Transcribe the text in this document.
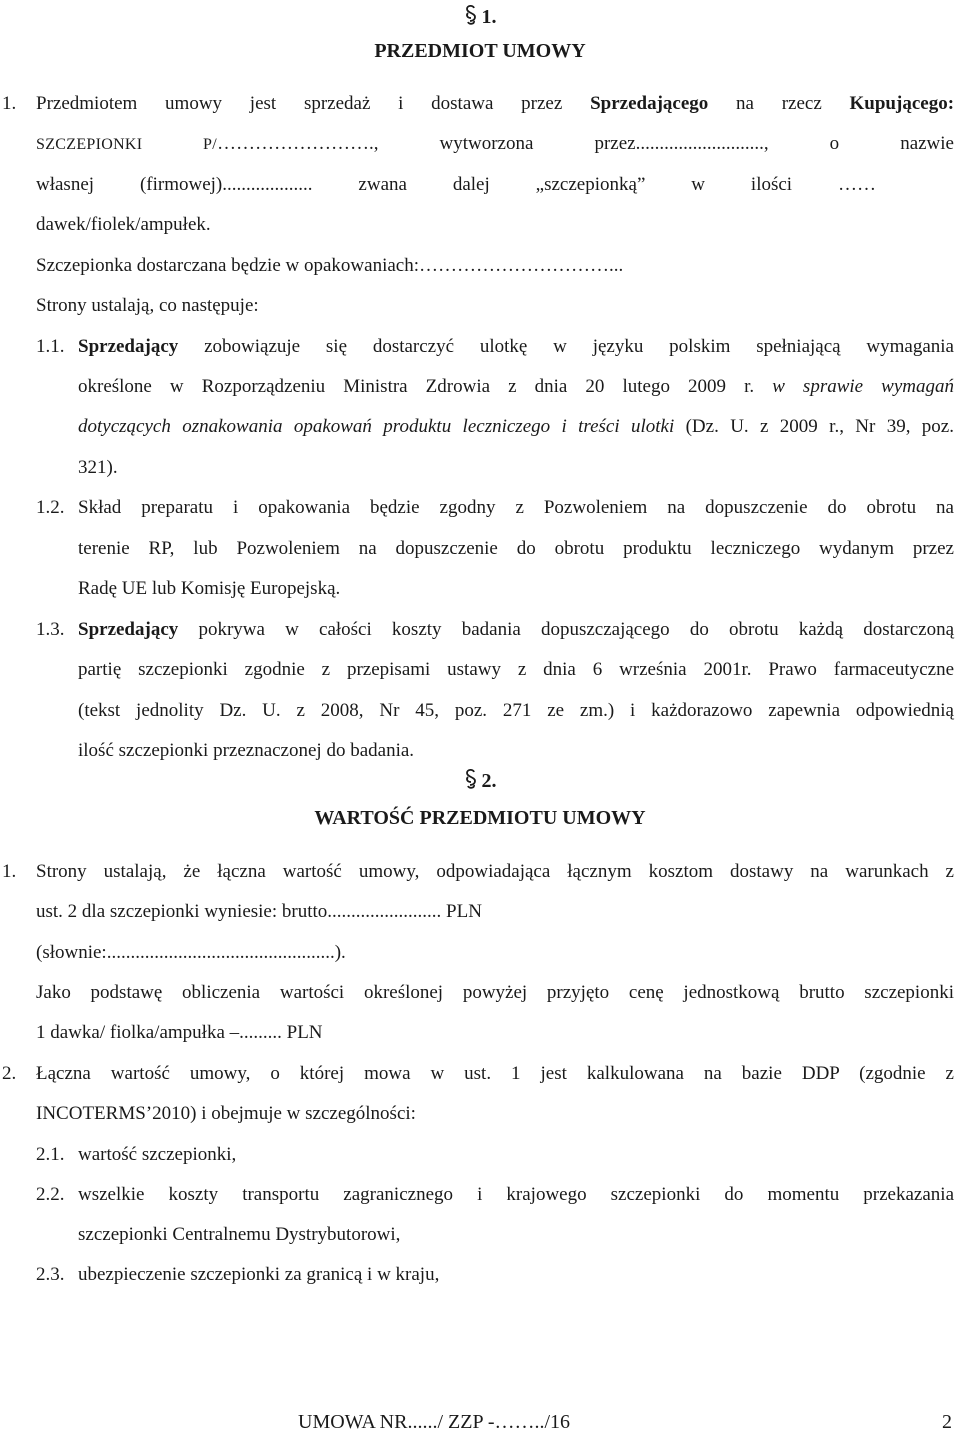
1.
PRZEDMIOT UMOWY
1. Przedmiotem umowy jest sprzedaż i dostawa przez Sprzedającego na rzecz Kupującego:
SZCZEPIONKI P/……………………., wytworzona przez..........................., o nazwie
własnej (firmowej)................... zwana dalej „szczepionką” w ilości ……
dawek/fiolek/ampułek.
Szczepionka dostarczana będzie w opakowaniach:…………………………...
Strony ustalają, co następuje:
1.1. Sprzedający zobowiązuje się dostarczyć ulotkę w języku polskim spełniającą wymagania
określone w Rozporządzeniu Ministra Zdrowia z dnia 20 lutego 2009 r. w sprawie wymagań
dotyczących oznakowania opakowań produktu leczniczego i treści ulotki (Dz. U. z 2009 r., Nr 39, poz.
321).
1.2. Skład preparatu i opakowania będzie zgodny z Pozwoleniem na dopuszczenie do obrotu na
terenie RP, lub Pozwoleniem na dopuszczenie do obrotu produktu leczniczego wydanym przez
Radę UE lub Komisję Europejską.
1.3. Sprzedający pokrywa w całości koszty badania dopuszczającego do obrotu każdą dostarczoną
partię szczepionki zgodnie z przepisami ustawy z dnia 6 września 2001r. Prawo farmaceutyczne
(tekst jednolity Dz. U. z 2008, Nr 45, poz. 271 ze zm.) i każdorazowo zapewnia odpowiednią
ilość szczepionki przeznaczonej do badania.
2.
WARTOŚĆ PRZEDMIOTU UMOWY
1. Strony ustalają, że łączna wartość umowy, odpowiadająca łącznym kosztom dostawy na warunkach z
ust. 2 dla szczepionki wyniesie: brutto........................ PLN
(słownie:................................................).
Jako podstawę obliczenia wartości określonej powyżej przyjęto cenę jednostkową brutto szczepionki
1 dawka/ fiolka/ampułka –......... PLN
2. Łączna wartość umowy, o której mowa w ust. 1 jest kalkulowana na bazie DDP (zgodnie z
INCOTERMS’2010) i obejmuje w szczególności:
2.1. wartość szczepionki,
2.2. wszelkie koszty transportu zagranicznego i krajowego szczepionki do momentu przekazania
szczepionki Centralnemu Dystrybutorowi,
2.3. ubezpieczenie szczepionki za granicą i w kraju,
UMOWA NR....../ ZZP -……../16	2
